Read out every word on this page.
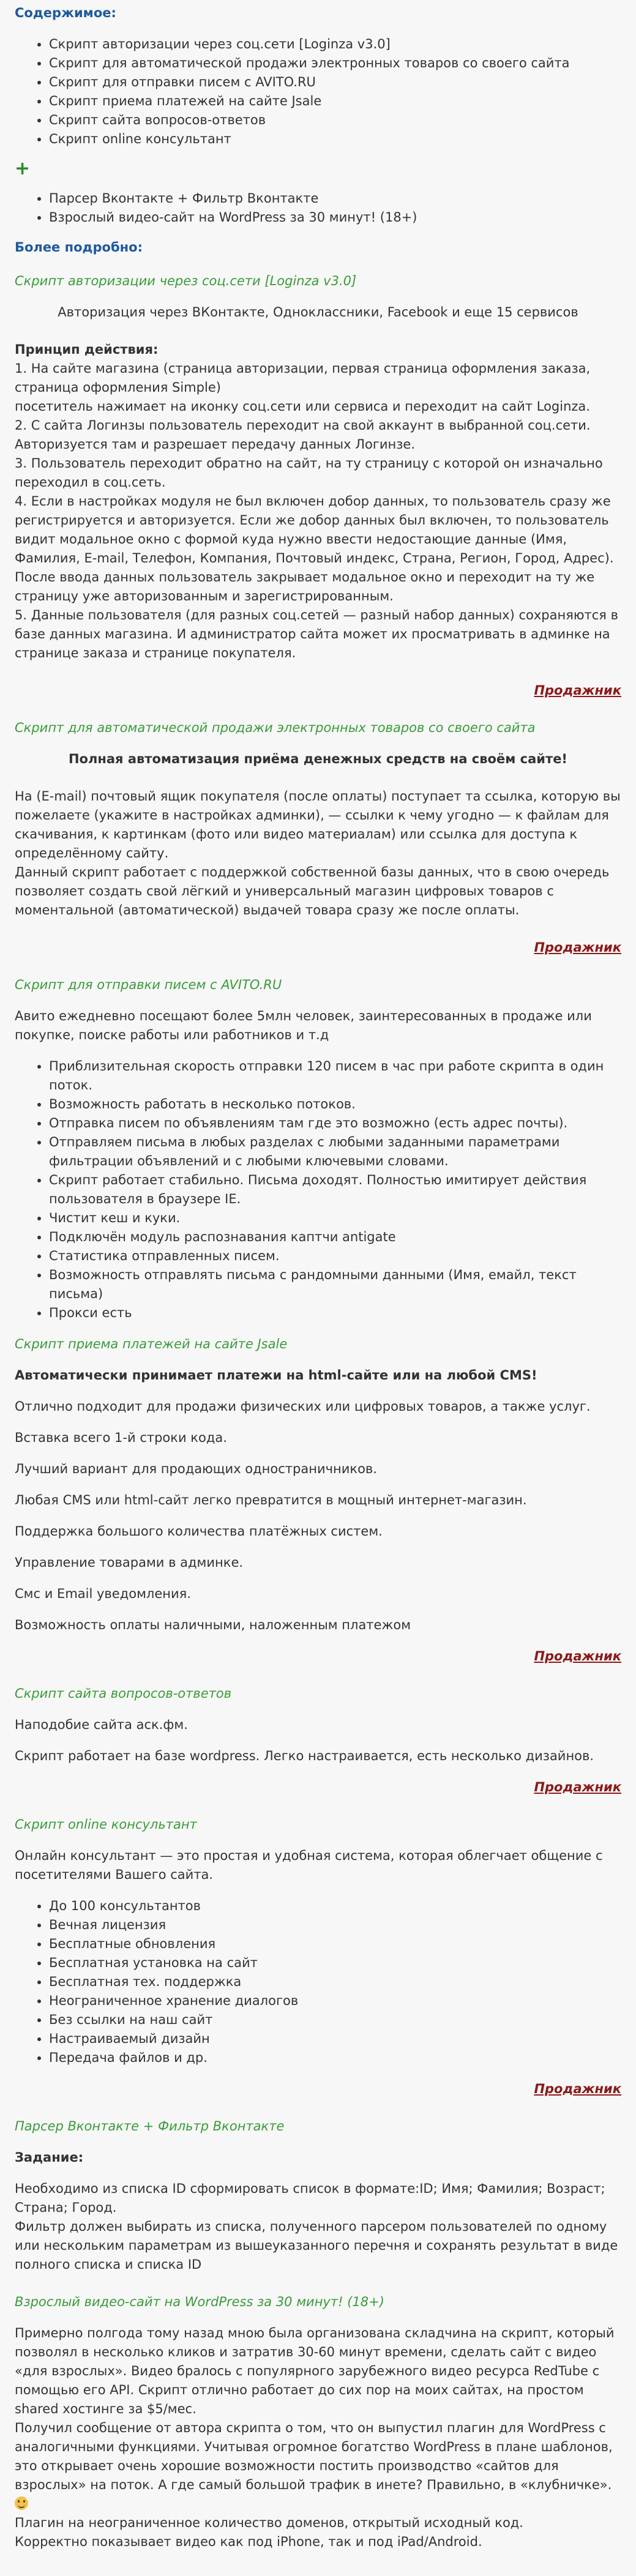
Содержимое:
• Скрипт авторизации через соц.сети [Loginza v3.0]
• Скрипт для автоматической продажи электронных товаров со своего сайта
• Скрипт для отправки писем с AVITO.RU
• Скрипт приема платежей на сайте Jsale
• Скрипт сайта вопросов-ответов
• Скрипт online консультант
+
• Парсер Вконтакте + Фильтр Вконтакте
• Взрослый видео-сайт на WordPress за 30 минут! (18+)
Более подробно:
Скрипт авторизации через соц.сети [Loginza v3.0]
Авторизация через ВКонтакте, Одноклассники, Facebook и еще 15 сервисов
Принцип действия:

1. На сайте магазина (страница авторизации, первая страница оформления заказа, страница оформления Simple)

посетитель нажимает на иконку соц.сети или сервиса и переходит на сайт Loginza.

2. С сайта Логинзы пользователь переходит на свой аккаунт в выбранной соц.сети. Авторизуется там и разрешает передачу данных Логинзе.

3. Пользователь переходит обратно на сайт, на ту страницу с которой он изначально переходил в соц.сеть.

4. Если в настройках модуля не был включен добор данных, то пользователь сразу же регистрируется и авторизуется. Если же добор данных был включен, то пользователь видит модальное окно с формой куда нужно ввести недостающие данные (Имя, Фамилия, E-mail, Телефон, Компания, Почтовый индекс, Страна, Регион, Город, Адрес). После ввода данных пользователь закрывает модальное окно и переходит на ту же страницу уже авторизованным и зарегистрированным.

5. Данные пользователя (для разных соц.сетей — разный набор данных) сохраняются в базе данных магазина. И администратор сайта может их просматривать в админке на странице заказа и странице покупателя.

Продажник
Скрипт для автоматической продажи электронных товаров со своего сайта
Полная автоматизация приёма денежных средств на своём сайте!

На (E-mail) почтовый ящик покупателя (после оплаты) поступает та ссылка, которую вы пожелаете (укажите в настройках админки), — ссылки к чему угодно — к файлам для скачивания, к картинкам (фото или видео материалам) или ссылка для доступа к определённому сайту.

Данный скрипт работает с поддержкой собственной базы данных, что в свою очередь позволяет создать свой лёгкий и универсальный магазин цифровых товаров с моментальной (автоматической) выдачей товара сразу же после оплаты.

Продажник
Скрипт для отправки писем с AVITO.RU

Авито ежедневно посещают более 5млн человек, заинтересованных в продаже или покупке, поиске работы или работников и т.д

• Приблизительная скорость отправки 120 писем в час при работе скрипта в один поток.
• Возможность работать в несколько потоков.
• Отправка писем по объявлениям там где это возможно (есть адрес почты).
• Отправляем письма в любых разделах с любыми заданными параметрами фильтрации объявлений и с любыми ключевыми словами.
• Скрипт работает стабильно. Письма доходят. Полностью имитирует действия пользователя в браузере IE.
• Чистит кеш и куки.
• Подключён модуль распознавания каптчи antigate
• Статистика отправленных писем.
• Возможность отправлять письма с рандомными данными (Имя, емайл, текст письма)
• Прокси есть
Скрипт приема платежей на сайте Jsale

Автоматически принимает платежи на html-сайте или на любой CMS!

Отлично подходит для продажи физических или цифровых товаров, а также услуг.

Вставка всего 1-й строки кода.

Лучший вариант для продающих одностраничников.

Любая CMS или html-сайт легко превратится в мощный интернет-магазин.

Поддержка большого количества платёжных систем.

Управление товарами в админке.

Смс и Email уведомления.

Возможность оплаты наличными, наложенным платежом

Продажник
Скрипт сайта вопросов-ответов

Наподобие сайта аск.фм.

Скрипт работает на базе wordpress. Легко настраивается, есть несколько дизайнов.

Продажник
Скрипт online консультант

Онлайн консультант — это простая и удобная система, которая облегчает общение с посетителями Вашего сайта.

• До 100 консультантов
• Вечная лицензия
• Бесплатные обновления
• Бесплатная установка на сайт
• Бесплатная тех. поддержка
• Неограниченное хранение диалогов
• Без ссылки на наш сайт
• Настраиваемый дизайн
• Передача файлов и др.
Продажник
Парсер Вконтакте + Фильтр Вконтакте

Задание:

Необходимо из списка ID сформировать список в формате:ID; Имя; Фамилия; Возраст; Страна; Город.

Фильтр должен выбирать из списка, полученного парсером пользователей по одному или нескольким параметрам из вышеуказанного перечня и сохранять результат в виде полного списка и списка ID

Взрослый видео-сайт на WordPress за 30 минут! (18+)

Примерно полгода тому назад мною была организована складчина на скрипт, который позволял в несколько кликов и затратив 30-60 минут времени, сделать сайт с видео «для взрослых». Видео бралось с популярного зарубежного видео ресурса RedTube с помощью его API. Скрипт отлично работает до сих пор на моих сайтах, на простом shared хостинге за $5/мес.

Получил сообщение от автора скрипта о том, что он выпустил плагин для WordPress с аналогичными функциями. Учитывая огромное богатство WordPress в плане шаблонов, это открывает очень хорошие возможности постить производство «сайтов для взрослых» на поток. А где самый большой трафик в инете? Правильно, в «клубничке».

Плагин на неограниченное количество доменов, открытый исходный код.

Корректно показывает видео как под iPhone, так и под iPad/Android.
